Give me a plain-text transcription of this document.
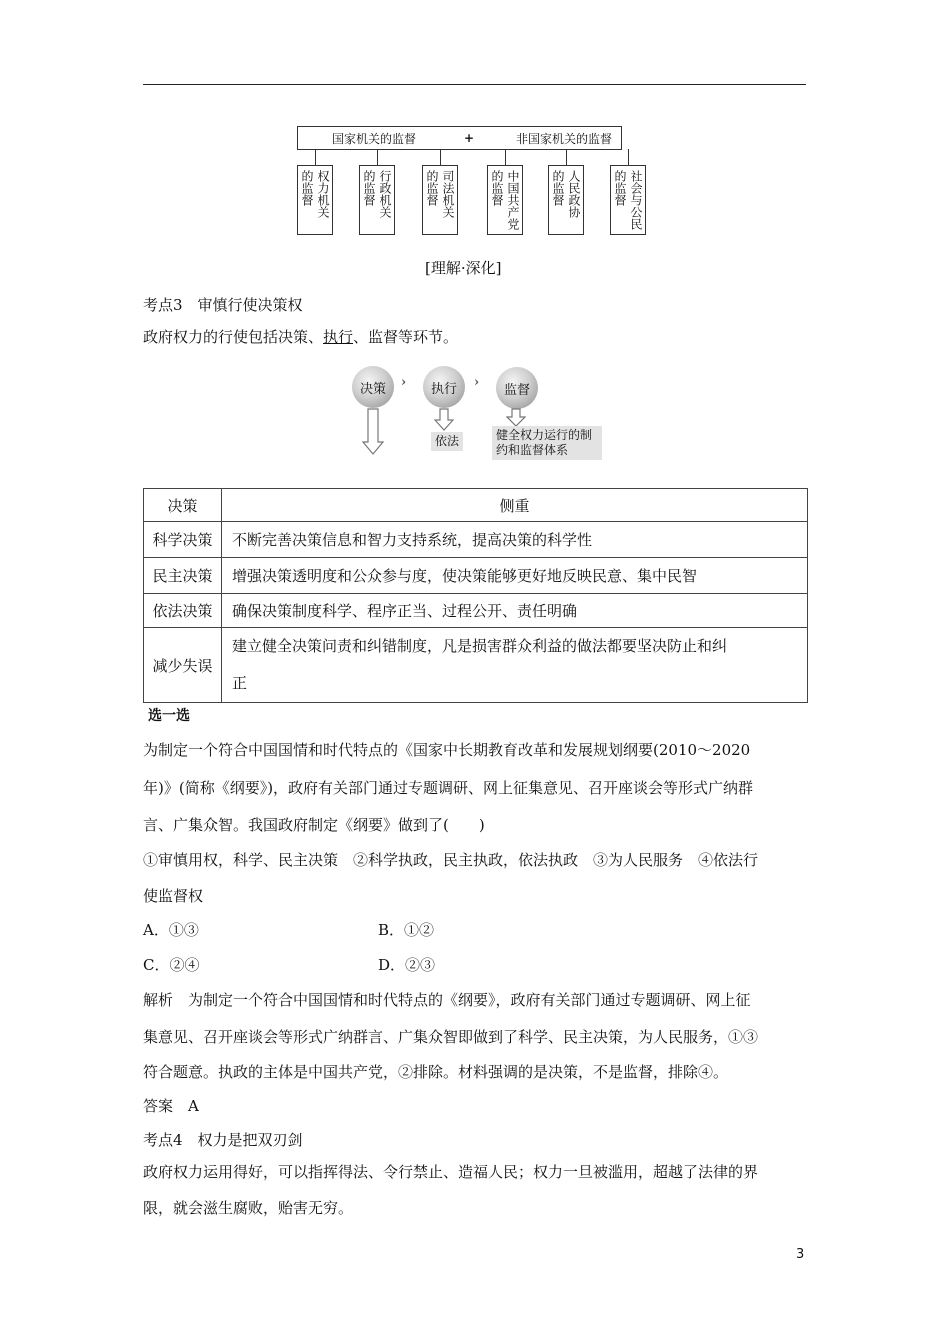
国家机关的监督	+	非国家机关的监督
权力机关
的监督	行政机关
的监督	司法机关
的监督	中国共产党
的监督	人民政协
的监督	社会与公民
的监督
[理解·深化]
考点3　审慎行使决策权
政府权力的行使包括决策、执行、监督等环节。
决策	›	执行	›	监督
依法	健全权力运行的制
约和监督体系
决策	侧重
科学决策	不断完善决策信息和智力支持系统，提高决策的科学性
民主决策	增强决策透明度和公众参与度，使决策能够更好地反映民意、集中民智
依法决策	确保决策制度科学、程序正当、过程公开、责任明确
减少失误	建立健全决策问责和纠错制度，凡是损害群众利益的做法都要坚决防止和纠
正
选一选
为制定一个符合中国国情和时代特点的《国家中长期教育改革和发展规划纲要(2010～2020
年)》(简称《纲要》)，政府有关部门通过专题调研、网上征集意见、召开座谈会等形式广纳群
言、广集众智。我国政府制定《纲要》做到了(　　)
①审慎用权，科学、民主决策　②科学执政，民主执政，依法执政　③为人民服务　④依法行
使监督权
A．①③	B．①②
C．②④	D．②③
解析　为制定一个符合中国国情和时代特点的《纲要》，政府有关部门通过专题调研、网上征
集意见、召开座谈会等形式广纳群言、广集众智即做到了科学、民主决策，为人民服务，①③
符合题意。执政的主体是中国共产党，②排除。材料强调的是决策，不是监督，排除④。
答案　A
考点4　权力是把双刃剑
政府权力运用得好，可以指挥得法、令行禁止、造福人民；权力一旦被滥用，超越了法律的界
限，就会滋生腐败，贻害无穷。
3
